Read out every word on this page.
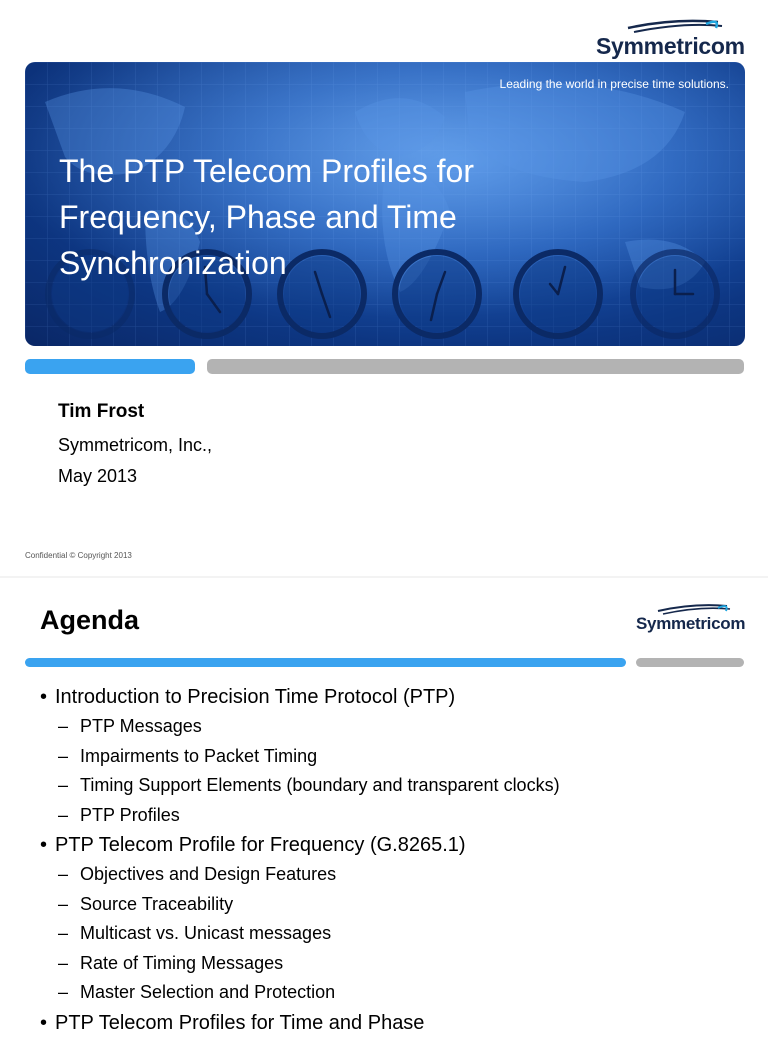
Symmetricom
Leading the world in precise time solutions.
The PTP Telecom Profiles for Frequency, Phase and Time Synchronization
Tim Frost
Symmetricom, Inc.,
May 2013
Confidential © Copyright 2013
Agenda	Symmetricom
• Introduction to Precision Time Protocol (PTP)
– PTP Messages
– Impairments to Packet Timing
– Timing Support Elements (boundary and transparent clocks)
– PTP Profiles
• PTP Telecom Profile for Frequency (G.8265.1)
– Objectives and Design Features
– Source Traceability
– Multicast vs. Unicast messages
– Rate of Timing Messages
– Master Selection and Protection
• PTP Telecom Profiles for Time and Phase
